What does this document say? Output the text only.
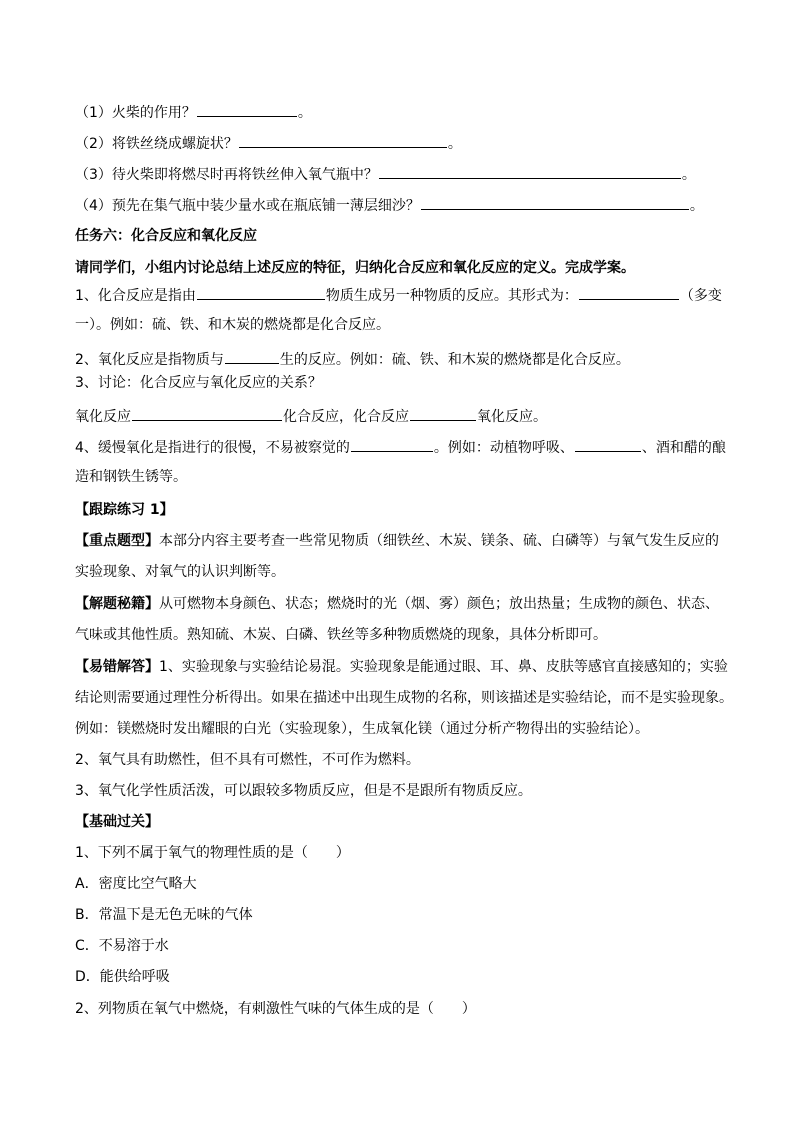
（1）火柴的作用？	。
（2）将铁丝绕成螺旋状？	。
（3）待火柴即将燃尽时再将铁丝伸入氧气瓶中？	。
（4）预先在集气瓶中装少量水或在瓶底铺一薄层细沙？	。
任务六：化合反应和氧化反应
请同学们，小组内讨论总结上述反应的特征，归纳化合反应和氧化反应的定义。完成学案。
1、化合反应是指由	物质生成另一种物质的反应。其形式为：	（多变
一）。例如：硫、铁、和木炭的燃烧都是化合反应。
2、氧化反应是指物质与	生的反应。例如：硫、铁、和木炭的燃烧都是化合反应。
3、讨论：化合反应与氧化反应的关系？
氧化反应	化合反应，化合反应	氧化反应。
4、缓慢氧化是指进行的很慢，不易被察觉的	。例如：动植物呼吸、	、酒和醋的酿
造和钢铁生锈等。
【跟踪练习 1】
【重点题型】本部分内容主要考查一些常见物质（细铁丝、木炭、镁条、硫、白磷等）与氧气发生反应的
实验现象、对氧气的认识判断等。
【解题秘籍】从可燃物本身颜色、状态；燃烧时的光（烟、雾）颜色；放出热量；生成物的颜色、状态、
气味或其他性质。熟知硫、木炭、白磷、铁丝等多种物质燃烧的现象，具体分析即可。
【易错解答】1、实验现象与实验结论易混。实验现象是能通过眼、耳、鼻、皮肤等感官直接感知的；实验
结论则需要通过理性分析得出。如果在描述中出现生成物的名称，则该描述是实验结论，而不是实验现象。
例如：镁燃烧时发出耀眼的白光（实验现象），生成氧化镁（通过分析产物得出的实验结论）。
2、氧气具有助燃性，但不具有可燃性，不可作为燃料。
3、氧气化学性质活泼，可以跟较多物质反应，但是不是跟所有物质反应。
【基础过关】
1、下列不属于氧气的物理性质的是（　　）
A．密度比空气略大
B．常温下是无色无味的气体
C．不易溶于水
D．能供给呼吸
2、列物质在氧气中燃烧，有刺激性气味的气体生成的是（　　）
